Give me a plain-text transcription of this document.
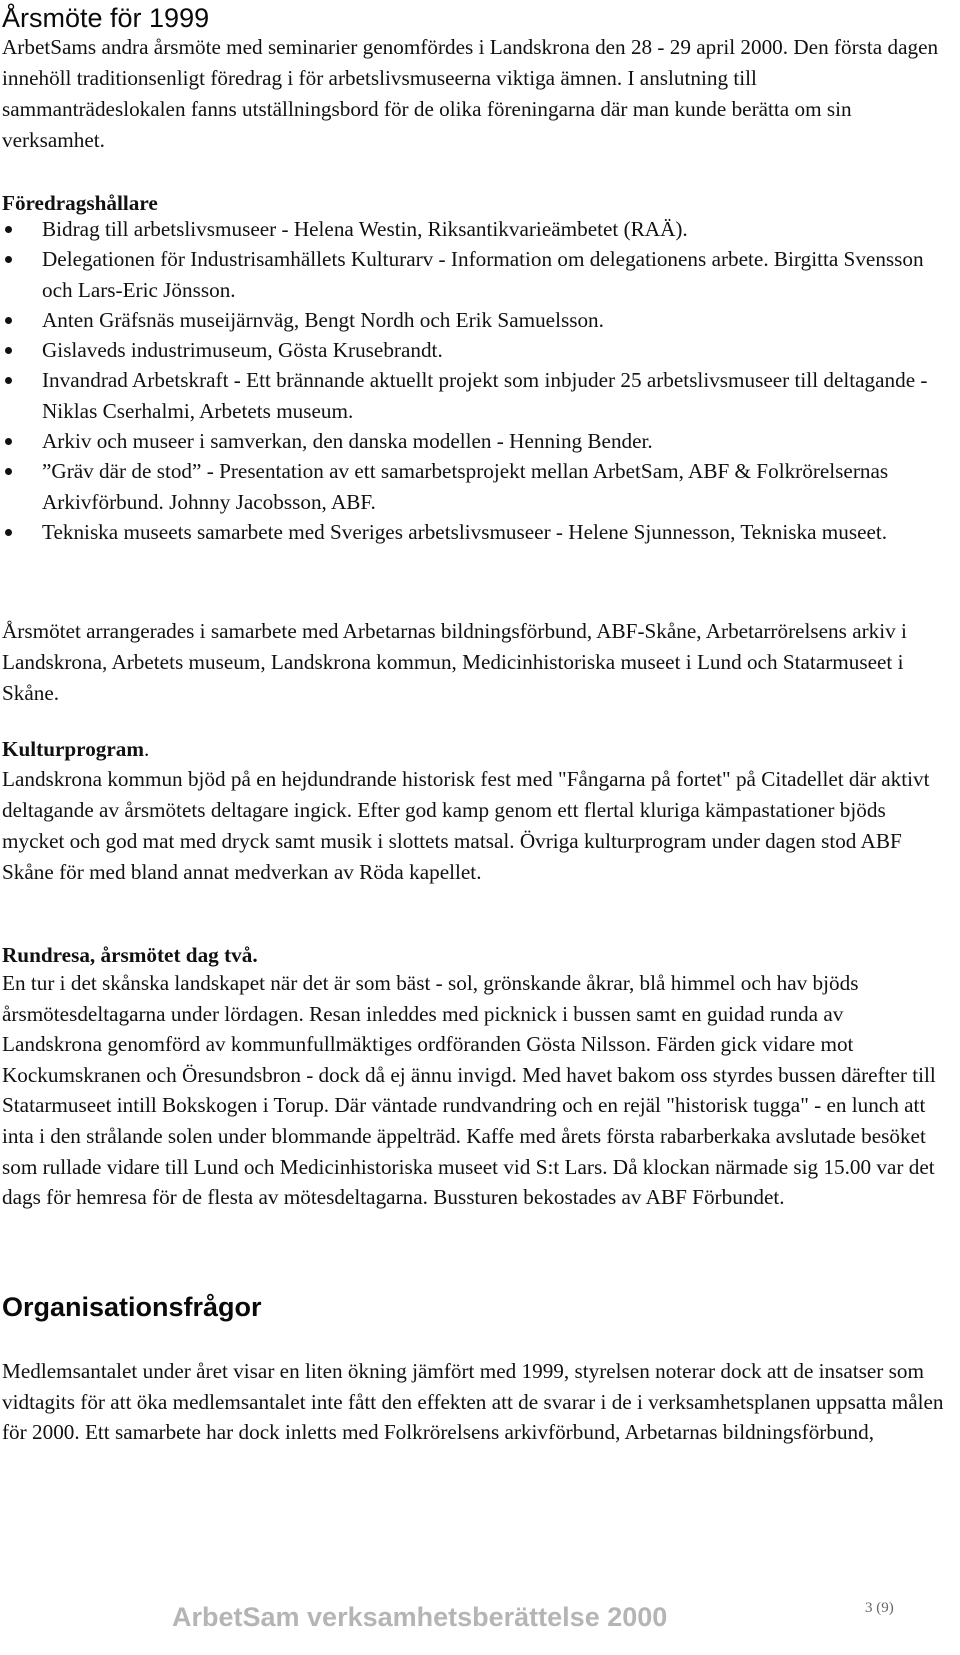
Årsmöte för 1999

ArbetSams andra årsmöte med seminarier genomfördes i Landskrona den 28 - 29 april 2000. Den första dagen innehöll traditionsenligt föredrag i för arbetslivsmuseerna viktiga ämnen. I anslutning till sammanträdeslokalen fanns utställningsbord för de olika föreningarna där man kunde berätta om sin verksamhet.

Föredragshållare

Bidrag till arbetslivsmuseer - Helena Westin, Riksantikvarieämbetet (RAÄ).
Delegationen för Industrisamhällets Kulturarv - Information om delegationens arbete. Birgitta Svensson och Lars-Eric Jönsson.
Anten Gräfsnäs museijärnväg, Bengt Nordh och Erik Samuelsson.
Gislaveds industrimuseum, Gösta Krusebrandt.
Invandrad Arbetskraft - Ett brännande aktuellt projekt som inbjuder 25 arbetslivsmuseer till deltagande - Niklas Cserhalmi, Arbetets museum.
Arkiv och museer i samverkan, den danska modellen - Henning Bender.
”Gräv där de stod” - Presentation av ett samarbetsprojekt mellan ArbetSam, ABF & Folkrörelsernas Arkivförbund. Johnny Jacobsson, ABF.
Tekniska museets samarbete med Sveriges arbetslivsmuseer - Helene Sjunnesson, Tekniska museet.

Årsmötet arrangerades i samarbete med Arbetarnas bildningsförbund, ABF-Skåne, Arbetarrörelsens arkiv i Landskrona, Arbetets museum, Landskrona kommun, Medicinhistoriska museet i Lund och Statarmuseet i Skåne.

Kulturprogram.

Landskrona kommun bjöd på en hejdundrande historisk fest med "Fångarna på fortet" på Citadellet där aktivt deltagande av årsmötets deltagare ingick. Efter god kamp genom ett flertal kluriga kämpastationer bjöds mycket och god mat med dryck samt musik i slottets matsal. Övriga kulturprogram under dagen stod ABF Skåne för med bland annat medverkan av Röda kapellet.

Rundresa, årsmötet dag två.

En tur i det skånska landskapet när det är som bäst - sol, grönskande åkrar, blå himmel och hav bjöds årsmötesdeltagarna under lördagen. Resan inleddes med picknick i bussen samt en guidad runda av Landskrona genomförd av kommunfullmäktiges ordföranden Gösta Nilsson. Färden gick vidare mot Kockumskranen och Öresundsbron - dock då ej ännu invigd. Med havet bakom oss styrdes bussen därefter till Statarmuseet intill Bokskogen i Torup. Där väntade rundvandring och en rejäl "historisk tugga" - en lunch att inta i den strålande solen under blommande äppelträd. Kaffe med årets första rabarberkaka avslutade besöket som rullade vidare till Lund och Medicinhistoriska museet vid S:t Lars. Då klockan närmade sig 15.00 var det dags för hemresa för de flesta av mötesdeltagarna. Bussturen bekostades av ABF Förbundet.

Organisationsfrågor

Medlemsantalet under året visar en liten ökning jämfört med 1999, styrelsen noterar dock att de insatser som vidtagits för att öka medlemsantalet inte fått den effekten att de svarar i de i verksamhetsplanen uppsatta målen för 2000. Ett samarbete har dock inletts med Folkrörelsens arkivförbund, Arbetarnas bildningsförbund,

ArbetSam verksamhetsberättelse 2000	3 (9)
